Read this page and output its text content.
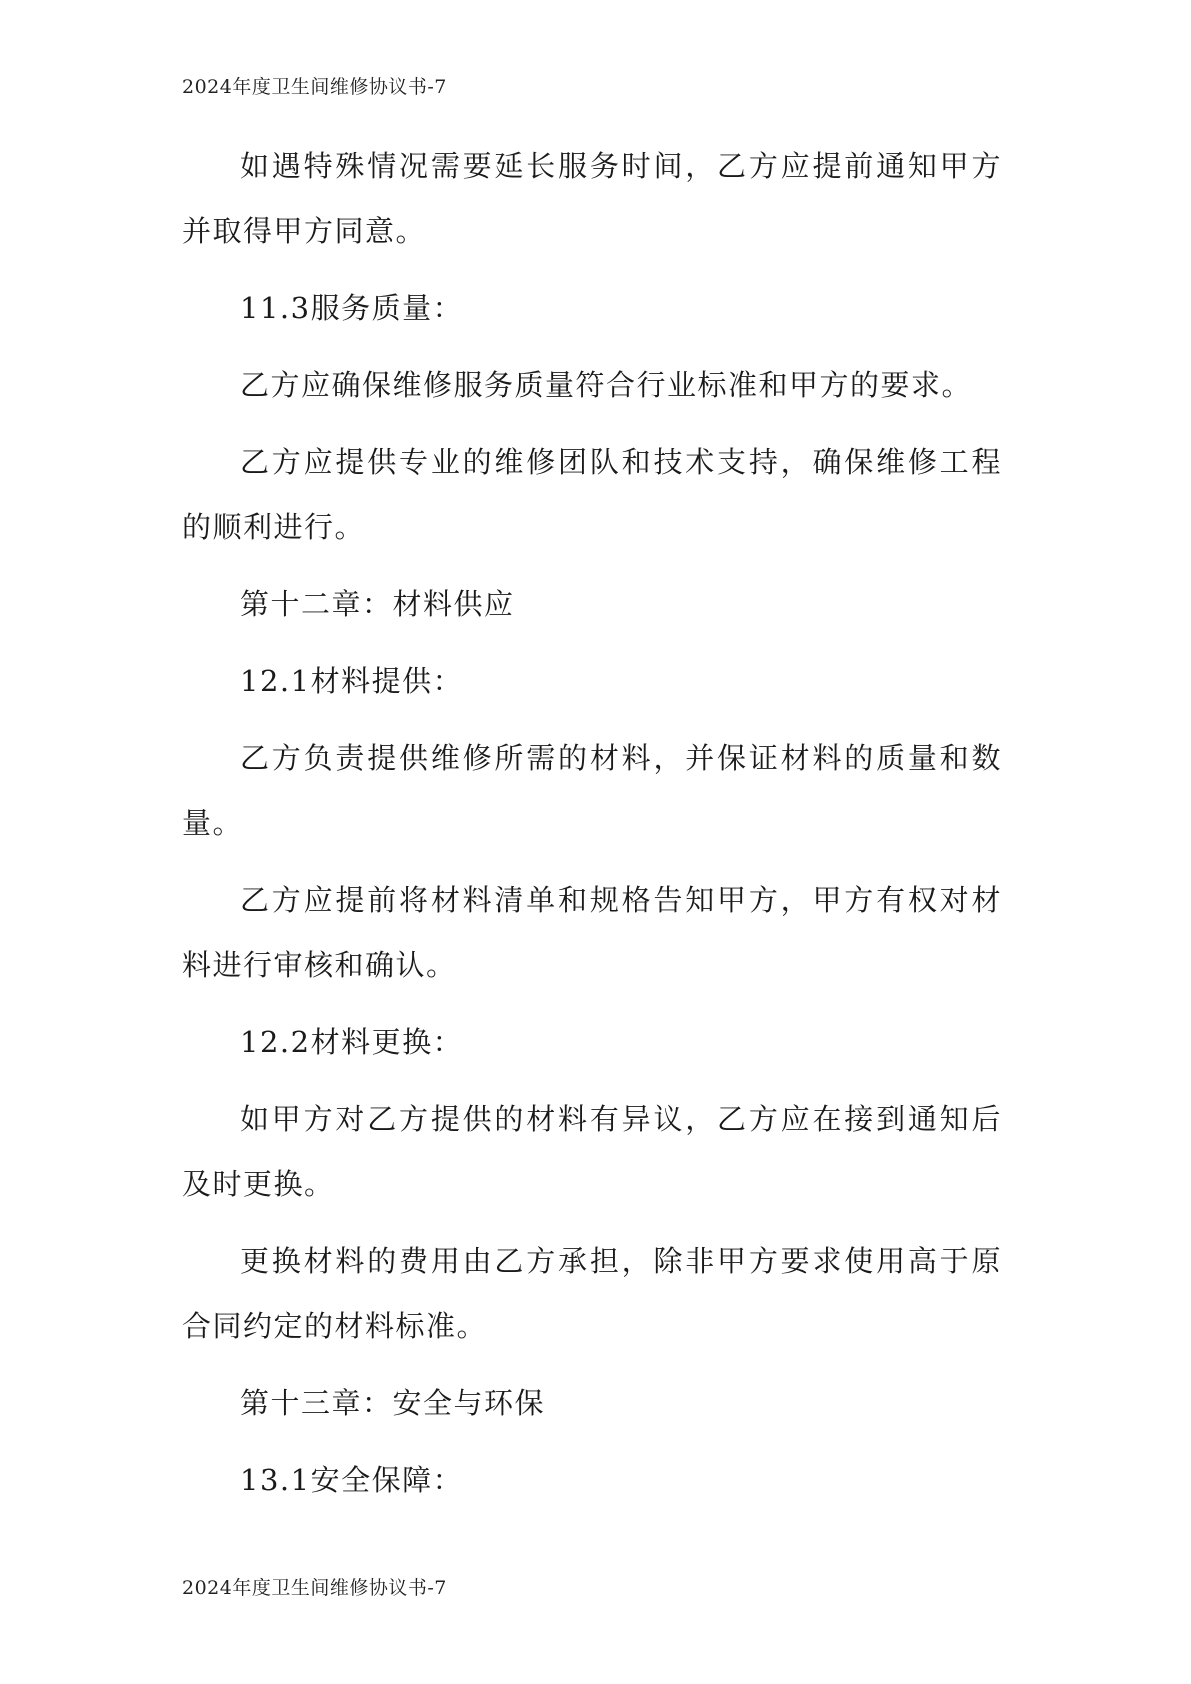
2024年度卫生间维修协议书-7

如遇特殊情况需要延长服务时间，乙方应提前通知甲方并取得甲方同意。

11.3服务质量：

乙方应确保维修服务质量符合行业标准和甲方的要求。

乙方应提供专业的维修团队和技术支持，确保维修工程的顺利进行。

第十二章：材料供应

12.1材料提供：

乙方负责提供维修所需的材料，并保证材料的质量和数量。

乙方应提前将材料清单和规格告知甲方，甲方有权对材料进行审核和确认。

12.2材料更换：

如甲方对乙方提供的材料有异议，乙方应在接到通知后及时更换。

更换材料的费用由乙方承担，除非甲方要求使用高于原合同约定的材料标准。

第十三章：安全与环保

13.1安全保障：

2024年度卫生间维修协议书-7
